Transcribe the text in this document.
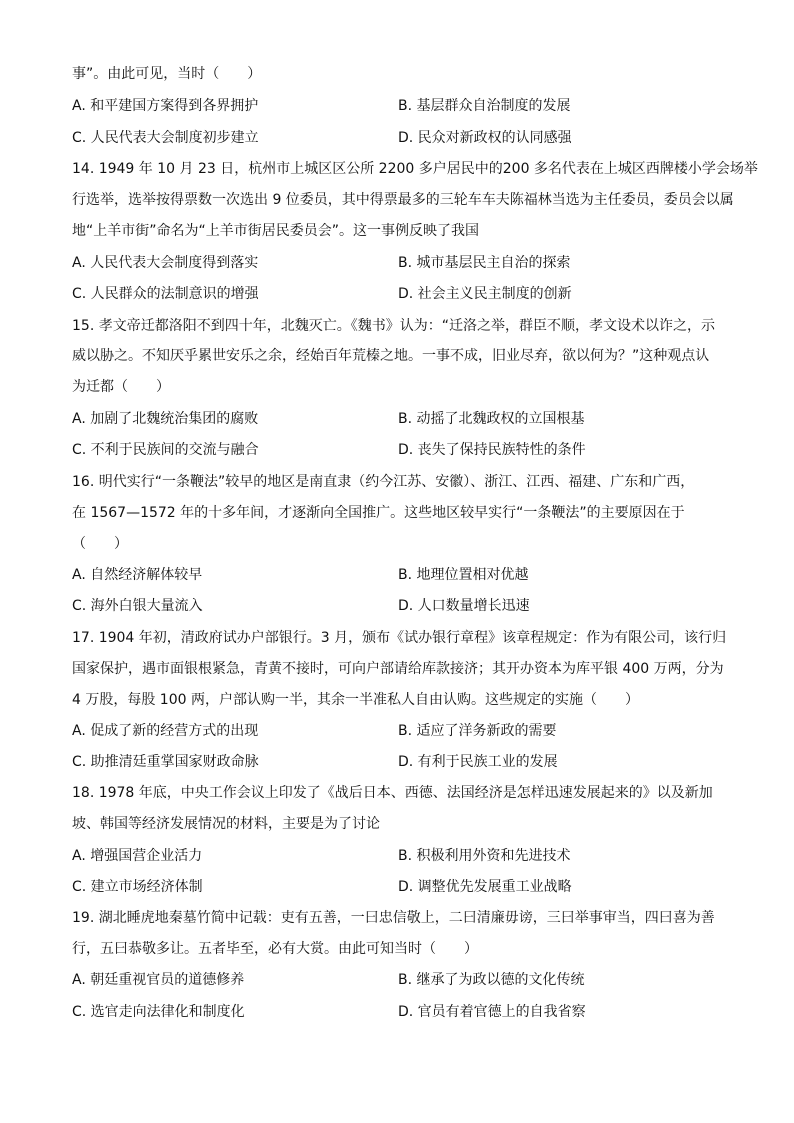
事”。由此可见，当时（　　）
A. 和平建国方案得到各界拥护	B. 基层群众自治制度的发展
C. 人民代表大会制度初步建立	D. 民众对新政权的认同感强
14. 1949 年 10 月 23 日，杭州市上城区区公所 2200 多户居民中的200 多名代表在上城区西牌楼小学会场举
行选举，选举按得票数一次选出 9 位委员，其中得票最多的三轮车车夫陈福林当选为主任委员，委员会以属
地“上羊市街”命名为“上羊市街居民委员会”。这一事例反映了我国
A. 人民代表大会制度得到落实	B. 城市基层民主自治的探索
C. 人民群众的法制意识的增强	D. 社会主义民主制度的创新
15. 孝文帝迁都洛阳不到四十年，北魏灭亡。《魏书》认为：“迁洛之举，群臣不顺，孝文设术以诈之，示
威以胁之。不知厌乎累世安乐之余，经始百年荒榛之地。一事不成，旧业尽弃，欲以何为？”这种观点认
为迁都（　　）
A. 加剧了北魏统治集团的腐败	B. 动摇了北魏政权的立国根基
C. 不利于民族间的交流与融合	D. 丧失了保持民族特性的条件
16. 明代实行“一条鞭法”较早的地区是南直隶（约今江苏、安徽）、浙江、江西、福建、广东和广西，
在 1567—1572 年的十多年间，才逐渐向全国推广。这些地区较早实行“一条鞭法”的主要原因在于
（　　）
A. 自然经济解体较早	B. 地理位置相对优越
C. 海外白银大量流入	D. 人口数量增长迅速
17. 1904 年初，清政府试办户部银行。3 月，颁布《试办银行章程》该章程规定：作为有限公司，该行归
国家保护，遇市面银根紧急，青黄不接时，可向户部请给库款接济；其开办资本为库平银 400 万两，分为
4 万股，每股 100 两，户部认购一半，其余一半准私人自由认购。这些规定的实施（　　）
A. 促成了新的经营方式的出现	B. 适应了洋务新政的需要
C. 助推清廷重掌国家财政命脉	D. 有利于民族工业的发展
18. 1978 年底，中央工作会议上印发了《战后日本、西德、法国经济是怎样迅速发展起来的》以及新加
坡、韩国等经济发展情况的材料，主要是为了讨论
A. 增强国营企业活力	B. 积极利用外资和先进技术
C. 建立市场经济体制	D. 调整优先发展重工业战略
19. 湖北睡虎地秦墓竹简中记载：吏有五善，一曰忠信敬上，二曰清廉毋谤，三曰举事审当，四曰喜为善
行，五曰恭敬多让。五者毕至，必有大赏。由此可知当时（　　）
A. 朝廷重视官员的道德修养	B. 继承了为政以德的文化传统
C. 选官走向法律化和制度化	D. 官员有着官德上的自我省察
